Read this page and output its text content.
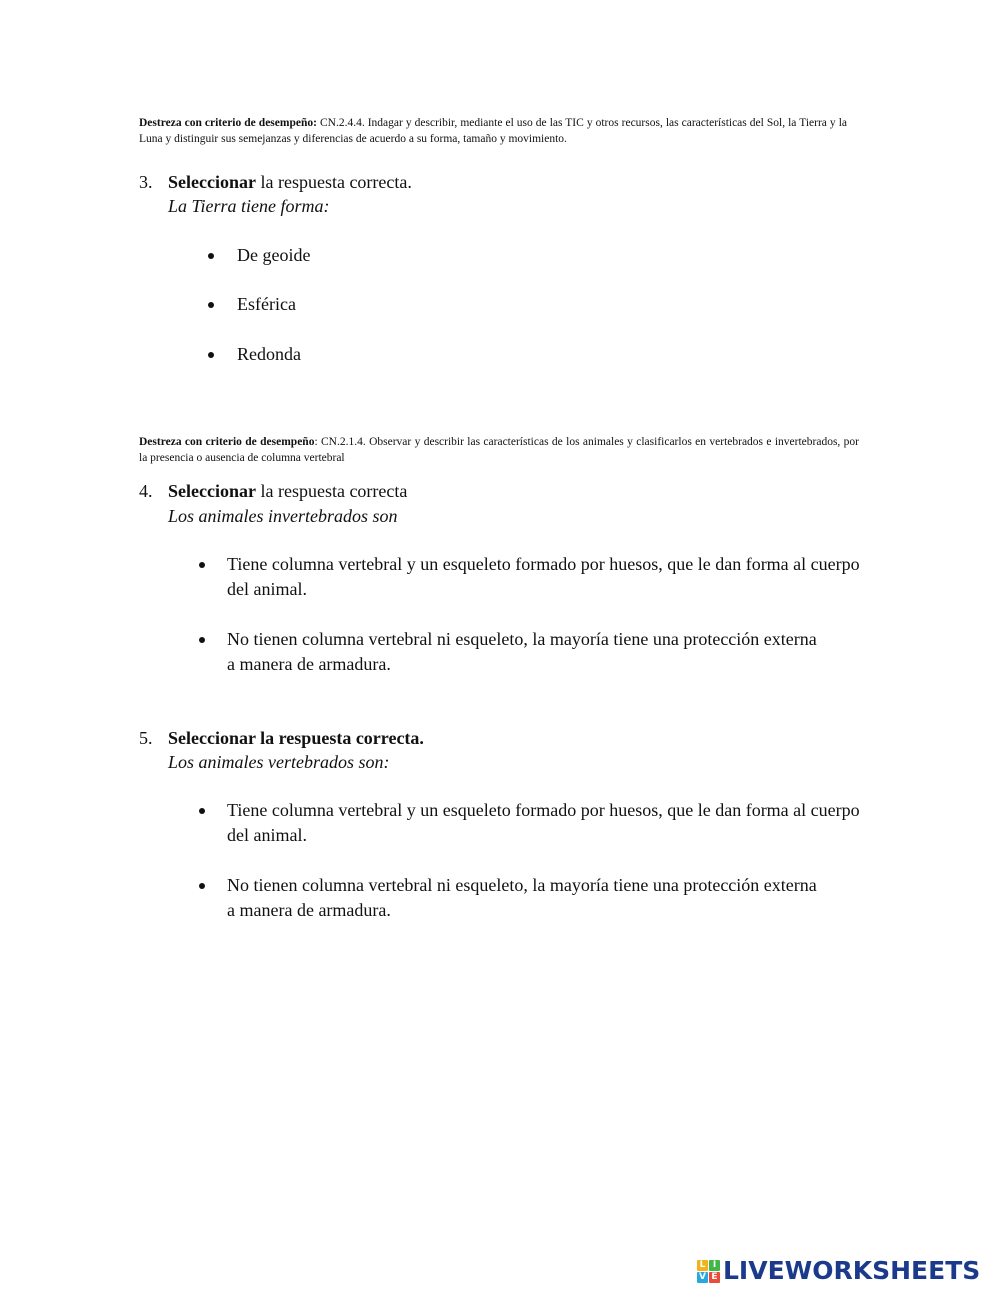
Destreza con criterio de desempeño: CN.2.4.4. Indagar y describir, mediante el uso de las TIC y otros recursos, las características del Sol, la Tierra y la Luna y distinguir sus semejanzas y diferencias de acuerdo a su forma, tamaño y movimiento.
3. Seleccionar la respuesta correcta.
La Tierra tiene forma:
De geoide
Esférica
Redonda
Destreza con criterio de desempeño: CN.2.1.4. Observar y describir las características de los animales y clasificarlos en vertebrados e invertebrados, por la presencia o ausencia de columna vertebral
4. Seleccionar la respuesta correcta
Los animales invertebrados son
Tiene columna vertebral y un esqueleto formado por huesos, que le dan forma al cuerpo del animal.
No tienen columna vertebral ni esqueleto, la mayoría tiene una protección externa a manera de armadura.
5. Seleccionar la respuesta correcta.
Los animales vertebrados son:
Tiene columna vertebral y un esqueleto formado por huesos, que le dan forma al cuerpo del animal.
No tienen columna vertebral ni esqueleto, la mayoría tiene una protección externa a manera de armadura.
L I
V E LIVEWORKSHEETS
